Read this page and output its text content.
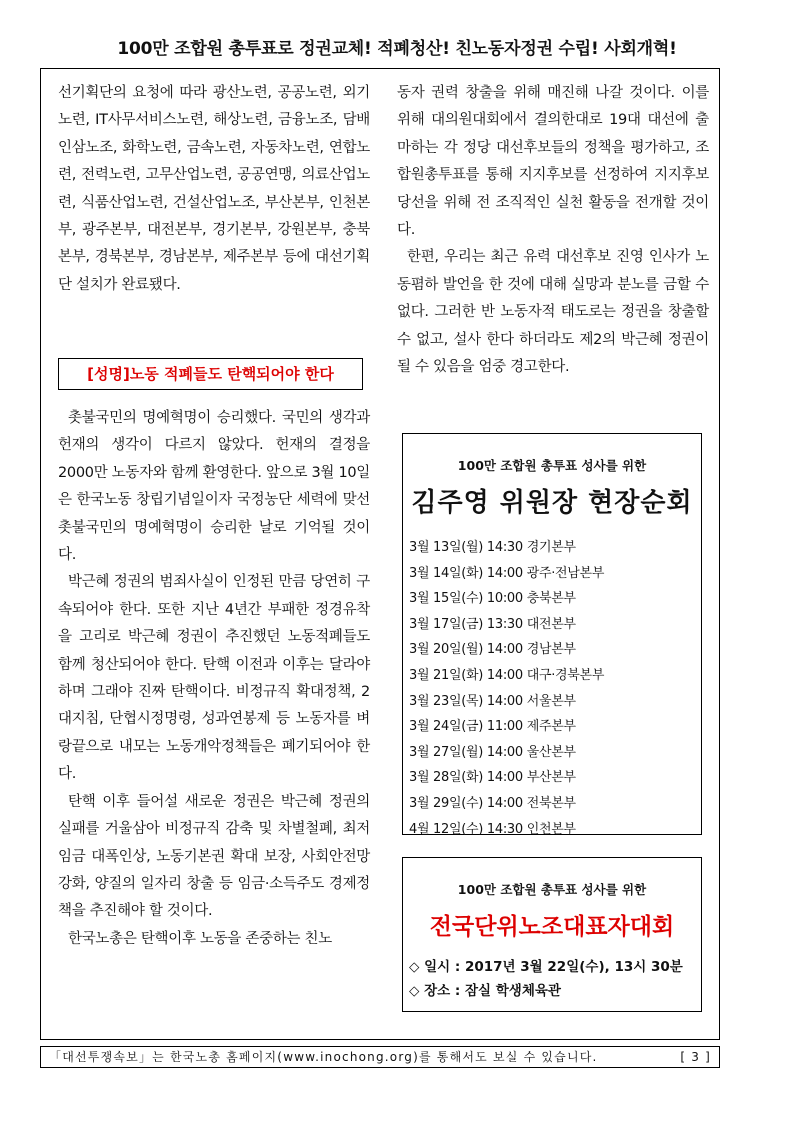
100만 조합원 총투표로 정권교체! 적폐청산! 친노동자정권 수립! 사회개혁!

선기획단의 요청에 따라 광산노련, 공공노련, 외기노련, IT사무서비스노련, 해상노련, 금융노조, 담배인삼노조, 화학노련, 금속노련, 자동차노련, 연합노련, 전력노련, 고무산업노련, 공공연맹, 의료산업노련, 식품산업노련, 건설산업노조, 부산본부, 인천본부, 광주본부, 대전본부, 경기본부, 강원본부, 충북본부, 경북본부, 경남본부, 제주본부 등에 대선기획단 설치가 완료됐다.

[성명]노동 적폐들도 탄핵되어야 한다

촛불국민의 명예혁명이 승리했다. 국민의 생각과 헌재의 생각이 다르지 않았다. 헌재의 결정을 2000만 노동자와 함께 환영한다. 앞으로 3월 10일은 한국노동 창립기념일이자 국정농단 세력에 맞선 촛불국민의 명예혁명이 승리한 날로 기억될 것이다.

박근혜 정권의 범죄사실이 인정된 만큼 당연히 구속되어야 한다. 또한 지난 4년간 부패한 정경유착을 고리로 박근혜 정권이 추진했던 노동적폐들도 함께 청산되어야 한다. 탄핵 이전과 이후는 달라야 하며 그래야 진짜 탄핵이다. 비정규직 확대정책, 2대지침, 단협시정명령, 성과연봉제 등 노동자를 벼랑끝으로 내모는 노동개악정책들은 폐기되어야 한다.

탄핵 이후 들어설 새로운 정권은 박근혜 정권의 실패를 거울삼아 비정규직 감축 및 차별철폐, 최저임금 대폭인상, 노동기본권 확대 보장, 사회안전망 강화, 양질의 일자리 창출 등 임금·소득주도 경제정책을 추진해야 할 것이다.

한국노총은 탄핵이후 노동을 존중하는 친노

동자 권력 창출을 위해 매진해 나갈 것이다. 이를 위해 대의원대회에서 결의한대로 19대 대선에 출마하는 각 정당 대선후보들의 정책을 평가하고, 조합원총투표를 통해 지지후보를 선정하여 지지후보 당선을 위해 전 조직적인 실천 활동을 전개할 것이다.

한편, 우리는 최근 유력 대선후보 진영 인사가 노동폄하 발언을 한 것에 대해 실망과 분노를 금할 수 없다. 그러한 반 노동자적 태도로는 정권을 창출할 수 없고, 설사 한다 하더라도 제2의 박근혜 정권이 될 수 있음을 엄중 경고한다.

100만 조합원 총투표 성사를 위한
김주영 위원장 현장순회
3월 13일(월) 14:30 경기본부
3월 14일(화) 14:00 광주·전남본부
3월 15일(수) 10:00 충북본부
3월 17일(금) 13:30 대전본부
3월 20일(월) 14:00 경남본부
3월 21일(화) 14:00 대구·경북본부
3월 23일(목) 14:00 서울본부
3월 24일(금) 11:00 제주본부
3월 27일(월) 14:00 울산본부
3월 28일(화) 14:00 부산본부
3월 29일(수) 14:00 전북본부
4월 12일(수) 14:30 인천본부
100만 조합원 총투표 성사를 위한
전국단위노조대표자대회
◇ 일시 : 2017년 3월 22일(수), 13시 30분
◇ 장소 : 잠실 학생체육관
「대선투쟁속보」는 한국노총 홈페이지(www.inochong.org)를 통해서도 보실 수 있습니다.	[ 3 ]
